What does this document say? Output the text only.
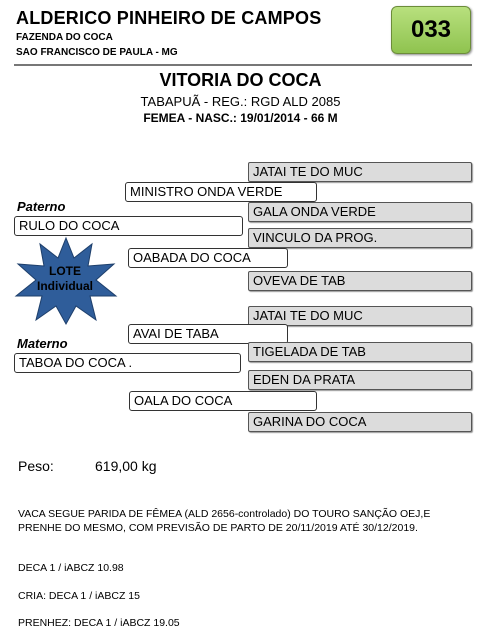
ALDERICO PINHEIRO DE CAMPOS
FAZENDA DO COCA
SAO FRANCISCO DE PAULA - MG
033
VITORIA DO COCA
TABAPUÃ - REG.: RGD ALD 2085
FEMEA - NASC.: 19/01/2014 - 66 M
JATAI TE DO MUC
MINISTRO ONDA VERDE
Paterno	GALA ONDA VERDE
RULO DO COCA
VINCULO DA PROG.
OABADA DO COCA
OVEVA DE TAB
LOTE
Individual
JATAI TE DO MUC
AVAI DE TABA
Materno
TIGELADA DE TAB
TABOA DO COCA .
EDEN DA PRATA
OALA DO COCA
GARINA DO COCA
Peso:	619,00 kg
VACA SEGUE PARIDA DE FÊMEA (ALD 2656-controlado) DO TOURO SANÇÃO OEJ,E PRENHE DO MESMO, COM PREVISÃO DE PARTO DE 20/11/2019 ATÉ 30/12/2019.
DECA 1 / iABCZ 10.98
CRIA: DECA 1 / iABCZ 15
PRENHEZ: DECA 1 / iABCZ 19.05
